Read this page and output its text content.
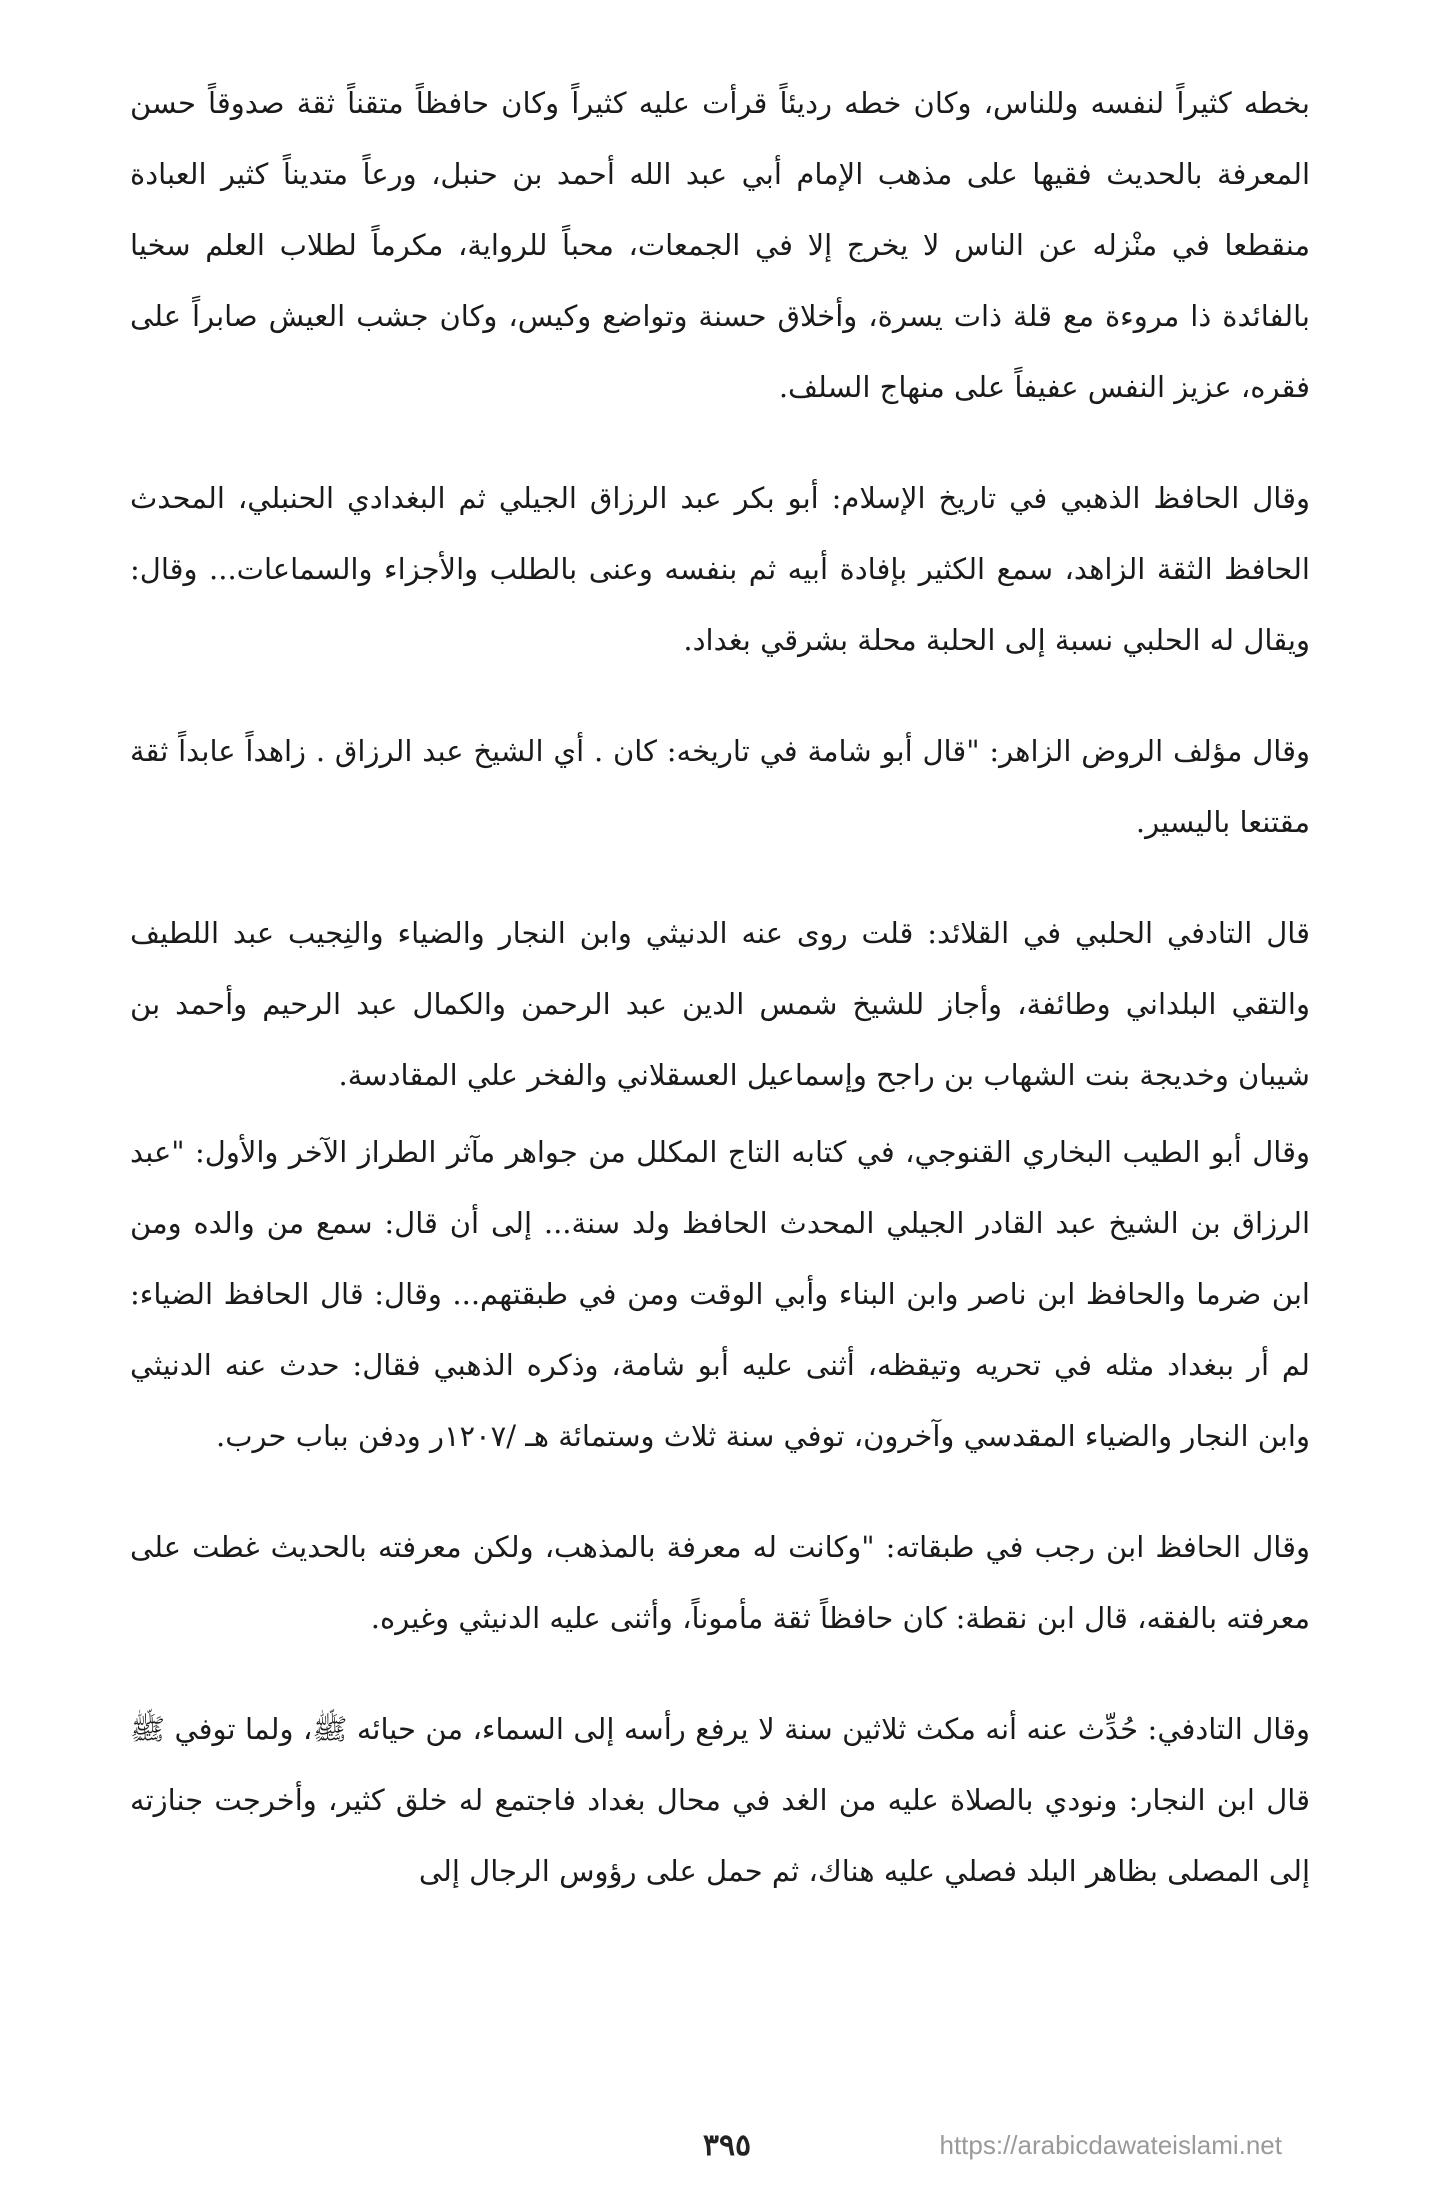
بخطه كثيراً لنفسه وللناس، وكان خطه رديئاً قرأت عليه كثيراً وكان حافظاً متقناً ثقة صدوقاً حسن المعرفة بالحديث فقيها على مذهب الإمام أبي عبد الله أحمد بن حنبل، ورعاً متديناً كثير العبادة منقطعا في منْزله عن الناس لا يخرج إلا في الجمعات، محباً للرواية، مكرماً لطلاب العلم سخيا بالفائدة ذا مروءة مع قلة ذات يسرة، وأخلاق حسنة وتواضع وكيس، وكان جشب العيش صابراً على فقره، عزيز النفس عفيفاً على منهاج السلف.

وقال الحافظ الذهبي في تاريخ الإسلام: أبو بكر عبد الرزاق الجيلي ثم البغدادي الحنبلي، المحدث الحافظ الثقة الزاهد، سمع الكثير بإفادة أبيه ثم بنفسه وعنى بالطلب والأجزاء والسماعات... وقال: ويقال له الحلبي نسبة إلى الحلبة محلة بشرقي بغداد.

وقال مؤلف الروض الزاهر: "قال أبو شامة في تاريخه: كان . أي الشيخ عبد الرزاق . زاهداً عابداً ثقة مقتنعا باليسير.

قال التادفي الحلبي في القلائد: قلت روى عنه الدنيثي وابن النجار والضياء والنِجيب عبد اللطيف والتقي البلداني وطائفة، وأجاز للشيخ شمس الدين عبد الرحمن والكمال عبد الرحيم وأحمد بن شيبان وخديجة بنت الشهاب بن راجح وإسماعيل العسقلاني والفخر علي المقادسة.

وقال أبو الطيب البخاري القنوجي، في كتابه التاج المكلل من جواهر مآثر الطراز الآخر والأول: "عبد الرزاق بن الشيخ عبد القادر الجيلي المحدث الحافظ ولد سنة... إلى أن قال: سمع من والده ومن ابن ضرما والحافظ ابن ناصر وابن البناء وأبي الوقت ومن في طبقتهم... وقال: قال الحافظ الضياء: لم أر ببغداد مثله في تحريه وتيقظه، أثنى عليه أبو شامة، وذكره الذهبي فقال: حدث عنه الدنيثي وابن النجار والضياء المقدسي وآخرون، توفي سنة ثلاث وستمائة هـ /١٢٠٧ر ودفن بباب حرب.

وقال الحافظ ابن رجب في طبقاته: "وكانت له معرفة بالمذهب، ولكن معرفته بالحديث غطت على معرفته بالفقه، قال ابن نقطة: كان حافظاً ثقة مأموناً، وأثنى عليه الدنيثي وغيره.

وقال التادفي: حُدِّث عنه أنه مكث ثلاثين سنة لا يرفع رأسه إلى السماء، من حيائه ﷺ، ولما توفي ﷺ قال ابن النجار: ونودي بالصلاة عليه من الغد في محال بغداد فاجتمع له خلق كثير، وأخرجت جنازته إلى المصلى بظاهر البلد فصلي عليه هناك، ثم حمل على رؤوس الرجال إلى

٣٩٥	https://arabicdawateislami.net
